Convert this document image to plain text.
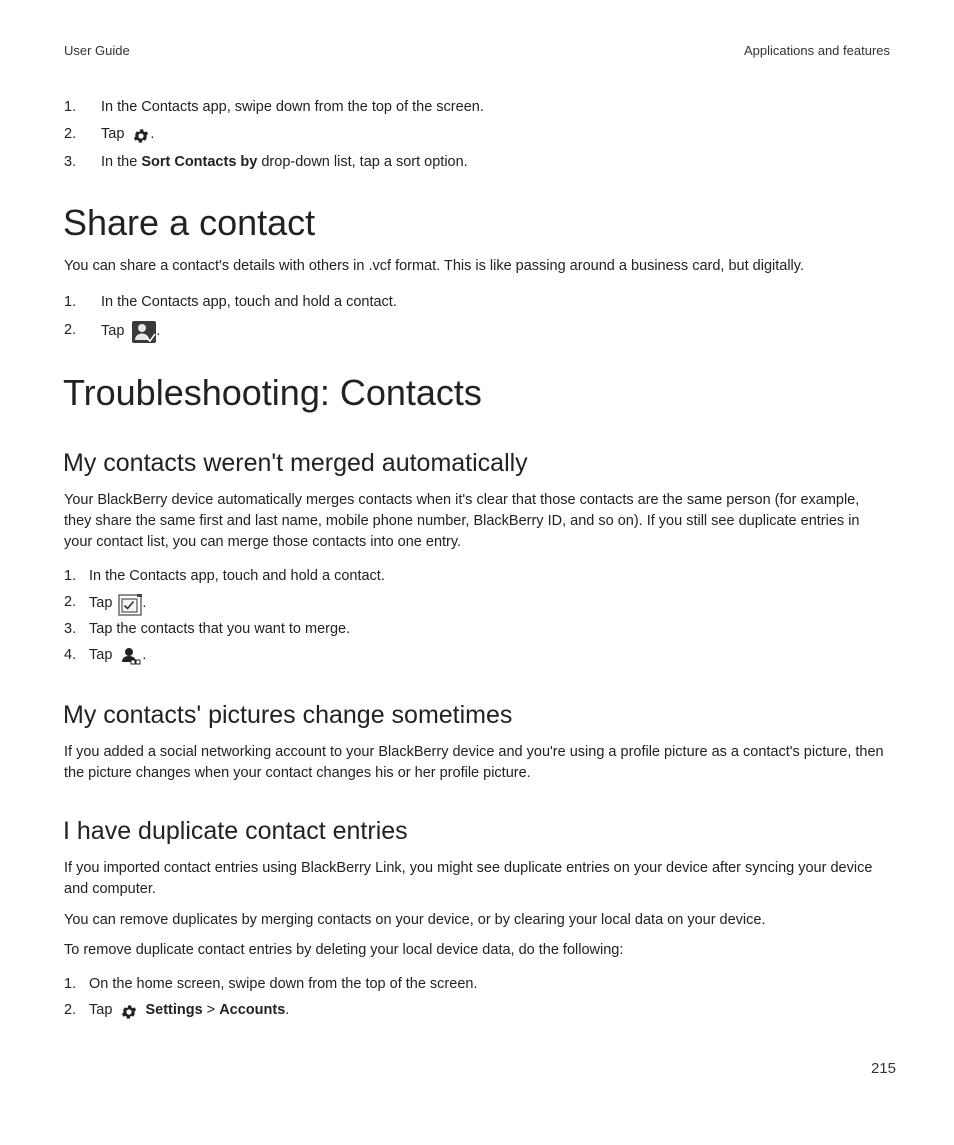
User Guide	Applications and features
1. In the Contacts app, swipe down from the top of the screen.
2. Tap .
3. In the Sort Contacts by drop-down list, tap a sort option.
Share a contact

You can share a contact's details with others in .vcf format. This is like passing around a business card, but digitally.

1. In the Contacts app, touch and hold a contact.
2. Tap .
Troubleshooting: Contacts
My contacts weren't merged automatically

Your BlackBerry device automatically merges contacts when it's clear that those contacts are the same person (for example, they share the same first and last name, mobile phone number, BlackBerry ID, and so on). If you still see duplicate entries in your contact list, you can merge those contacts into one entry.

1. In the Contacts app, touch and hold a contact.
2. Tap .
3. Tap the contacts that you want to merge.
4. Tap .
My contacts' pictures change sometimes

If you added a social networking account to your BlackBerry device and you're using a profile picture as a contact's picture, then the picture changes when your contact changes his or her profile picture.

I have duplicate contact entries

If you imported contact entries using BlackBerry Link, you might see duplicate entries on your device after syncing your device and computer.

You can remove duplicates by merging contacts on your device, or by clearing your local data on your device.

To remove duplicate contact entries by deleting your local device data, do the following:

1. On the home screen, swipe down from the top of the screen.
2. Tap Settings > Accounts.
215
